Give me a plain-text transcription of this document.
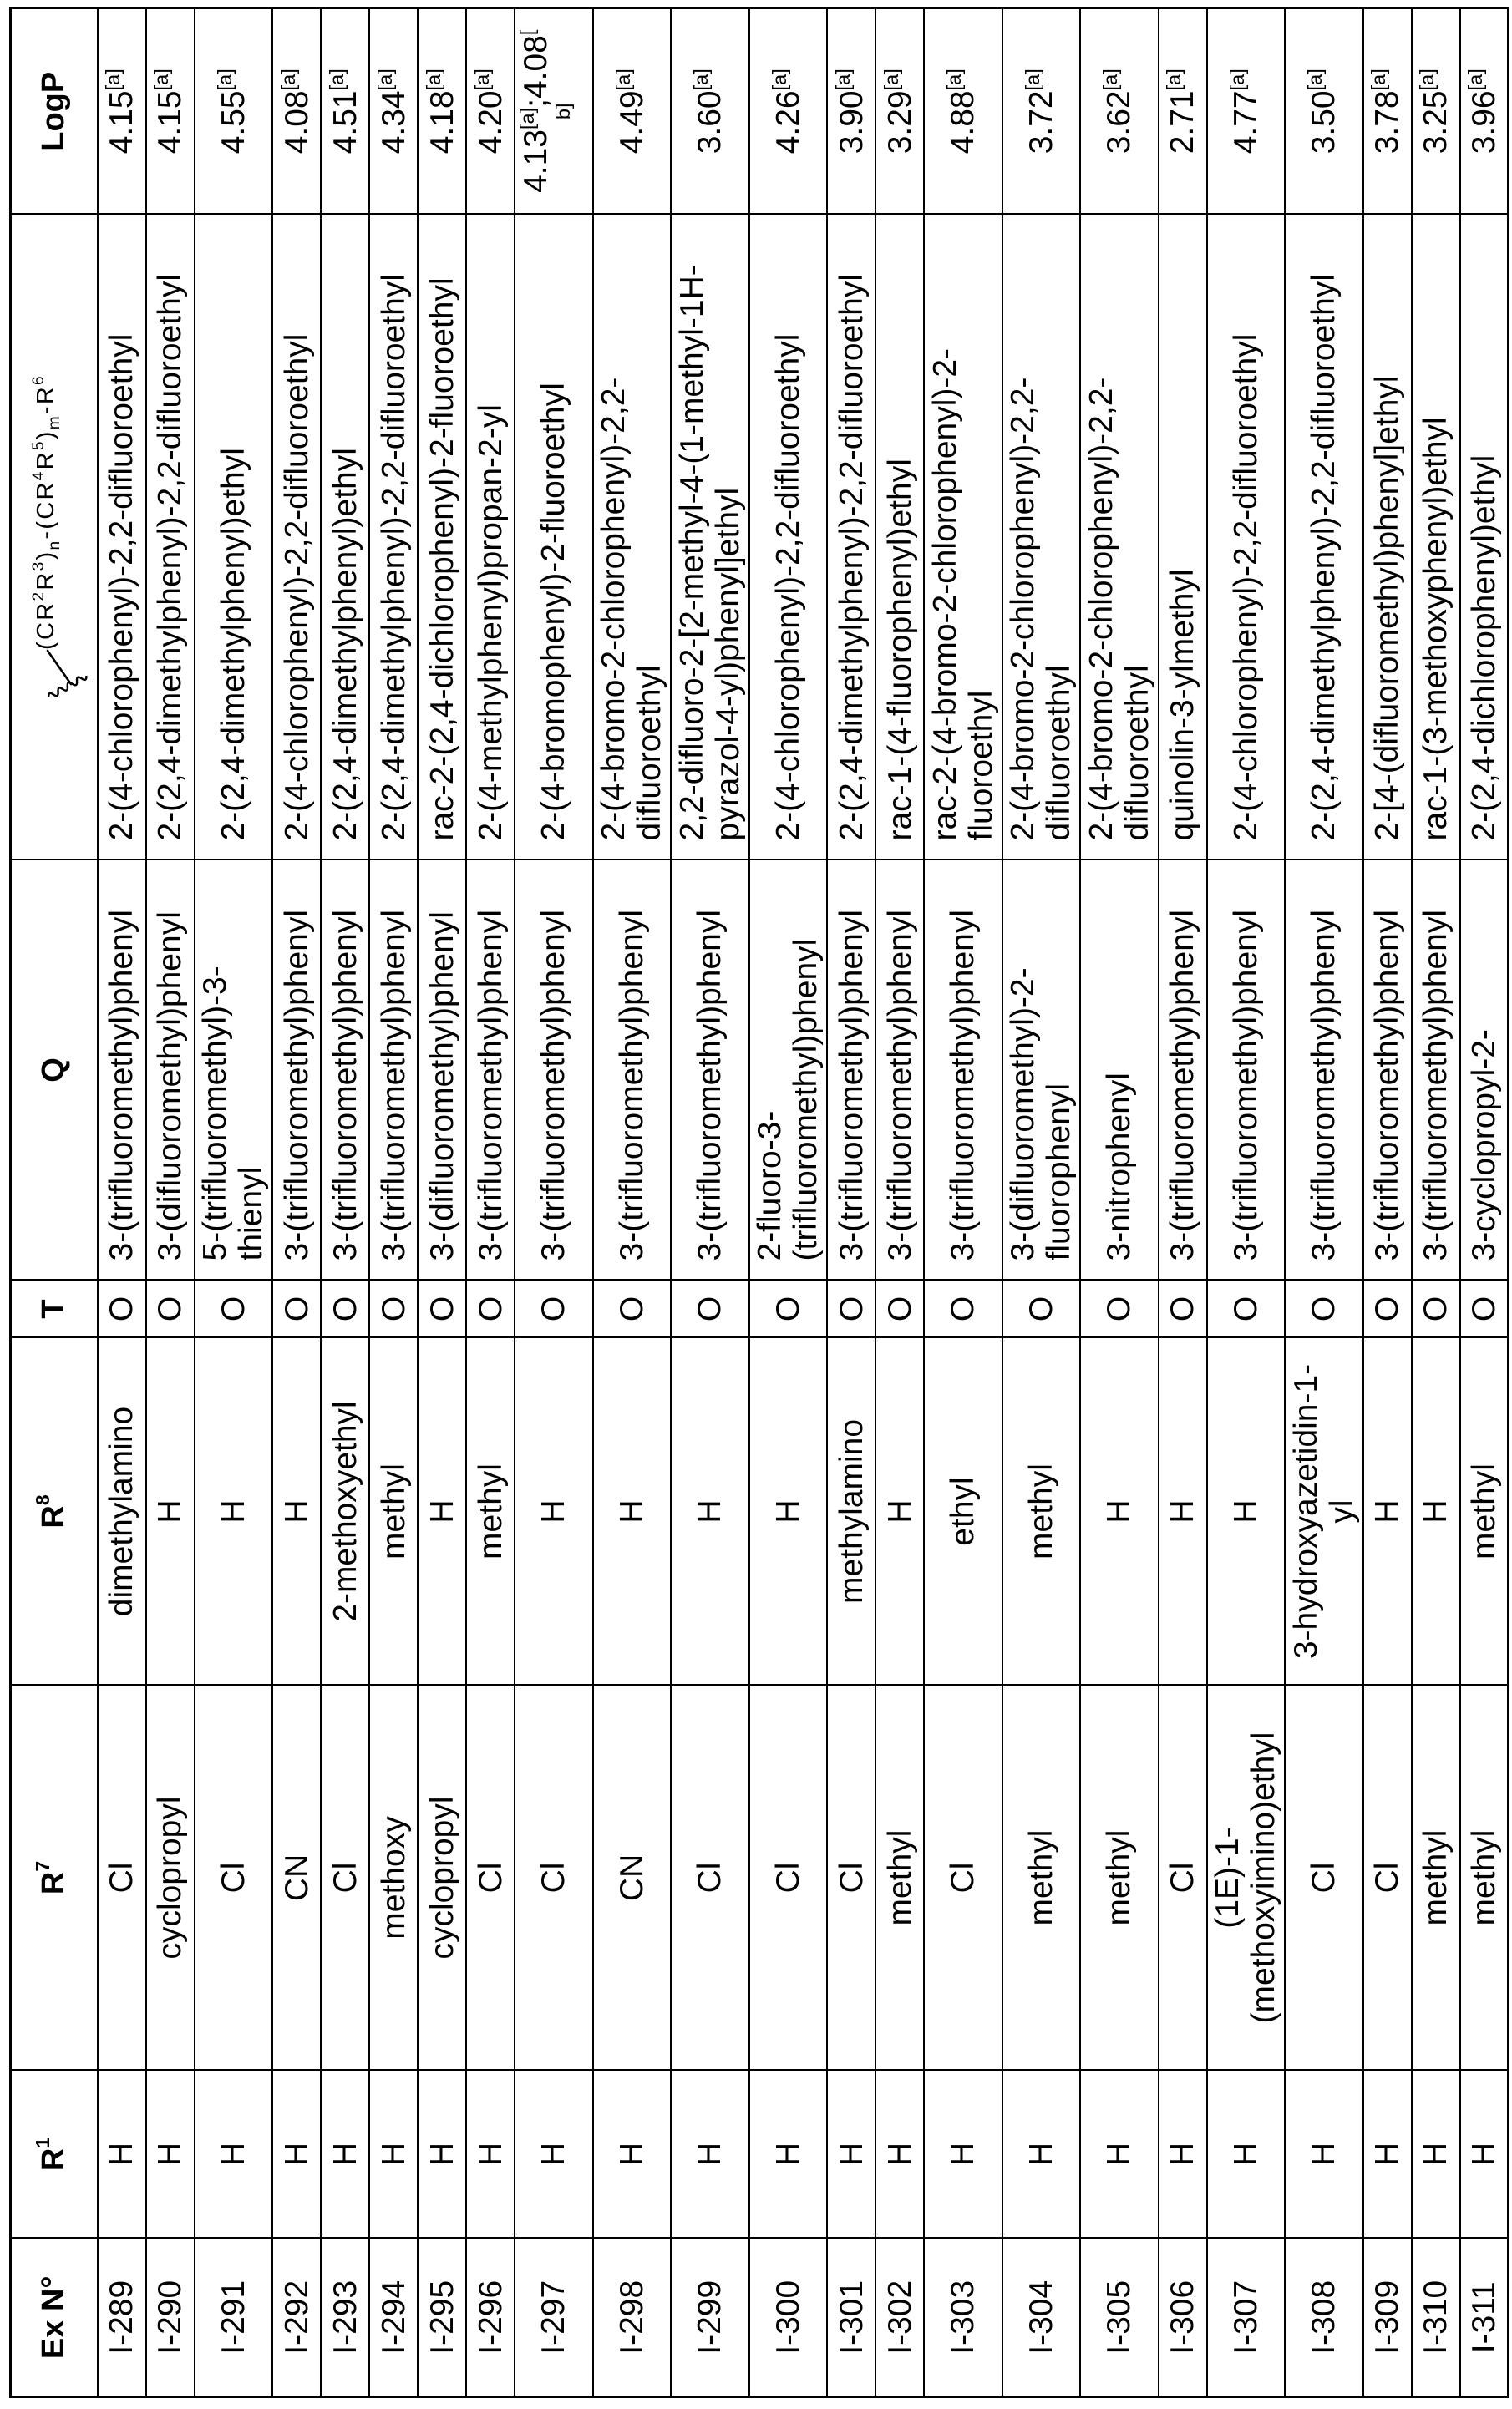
Ex N°	$R^1$	$R^7$	$R^8$	T	Q	$(CR^2R^3)_n-(CR^4R^5)_m-R^6$	LogP
I-289	H	Cl	dimethylamino	O	3-(trifluoromethyl)phenyl	2-(4-chlorophenyl)-2,2-difluoroethyl	4.15[a]
I-290	H	cyclopropyl	H	O	3-(difluoromethyl)phenyl	2-(2,4-dimethylphenyl)-2,2-difluoroethyl	4.15[a]
I-291	H	Cl	H	O	5-(trifluoromethyl)-3-
thienyl	2-(2,4-dimethylphenyl)ethyl	4.55[a]
I-292	H	CN	H	O	3-(trifluoromethyl)phenyl	2-(4-chlorophenyl)-2,2-difluoroethyl	4.08[a]
I-293	H	Cl	2-methoxyethyl	O	3-(trifluoromethyl)phenyl	2-(2,4-dimethylphenyl)ethyl	4.51[a]
I-294	H	methoxy	methyl	O	3-(trifluoromethyl)phenyl	2-(2,4-dimethylphenyl)-2,2-difluoroethyl	4.34[a]
I-295	H	cyclopropyl	H	O	3-(difluoromethyl)phenyl	rac-2-(2,4-dichlorophenyl)-2-fluoroethyl	4.18[a]
I-296	H	Cl	methyl	O	3-(trifluoromethyl)phenyl	2-(4-methylphenyl)propan-2-yl	4.20[a]
I-297	H	Cl	H	O	3-(trifluoromethyl)phenyl	2-(4-bromophenyl)-2-fluoroethyl	4.13[a];4.08[
b]
I-298	H	CN	H	O	3-(trifluoromethyl)phenyl	2-(4-bromo-2-chlorophenyl)-2,2-
difluoroethyl	4.49[a]
I-299	H	Cl	H	O	3-(trifluoromethyl)phenyl	2,2-difluoro-2-[2-methyl-4-(1-methyl-1H-
pyrazol-4-yl)phenyl]ethyl	3.60[a]
I-300	H	Cl	H	O	2-fluoro-3-
(trifluoromethyl)phenyl	2-(4-chlorophenyl)-2,2-difluoroethyl	4.26[a]
I-301	H	Cl	methylamino	O	3-(trifluoromethyl)phenyl	2-(2,4-dimethylphenyl)-2,2-difluoroethyl	3.90[a]
I-302	H	methyl	H	O	3-(trifluoromethyl)phenyl	rac-1-(4-fluorophenyl)ethyl	3.29[a]
I-303	H	Cl	ethyl	O	3-(trifluoromethyl)phenyl	rac-2-(4-bromo-2-chlorophenyl)-2-
fluoroethyl	4.88[a]
I-304	H	methyl	methyl	O	3-(difluoromethyl)-2-
fluorophenyl	2-(4-bromo-2-chlorophenyl)-2,2-
difluoroethyl	3.72[a]
I-305	H	methyl	H	O	3-nitrophenyl	2-(4-bromo-2-chlorophenyl)-2,2-
difluoroethyl	3.62[a]
I-306	H	Cl	H	O	3-(trifluoromethyl)phenyl	quinolin-3-ylmethyl	2.71[a]
I-307	H	(1E)-1-
(methoxyimino)ethyl	H	O	3-(trifluoromethyl)phenyl	2-(4-chlorophenyl)-2,2-difluoroethyl	4.77[a]
I-308	H	Cl	3-hydroxyazetidin-1-
yl	O	3-(trifluoromethyl)phenyl	2-(2,4-dimethylphenyl)-2,2-difluoroethyl	3.50[a]
I-309	H	Cl	H	O	3-(trifluoromethyl)phenyl	2-[4-(difluoromethyl)phenyl]ethyl	3.78[a]
I-310	H	methyl	H	O	3-(trifluoromethyl)phenyl	rac-1-(3-methoxyphenyl)ethyl	3.25[a]
I-311	H	methyl	methyl	O	3-cyclopropyl-2-	2-(2,4-dichlorophenyl)ethyl	3.96[a]
